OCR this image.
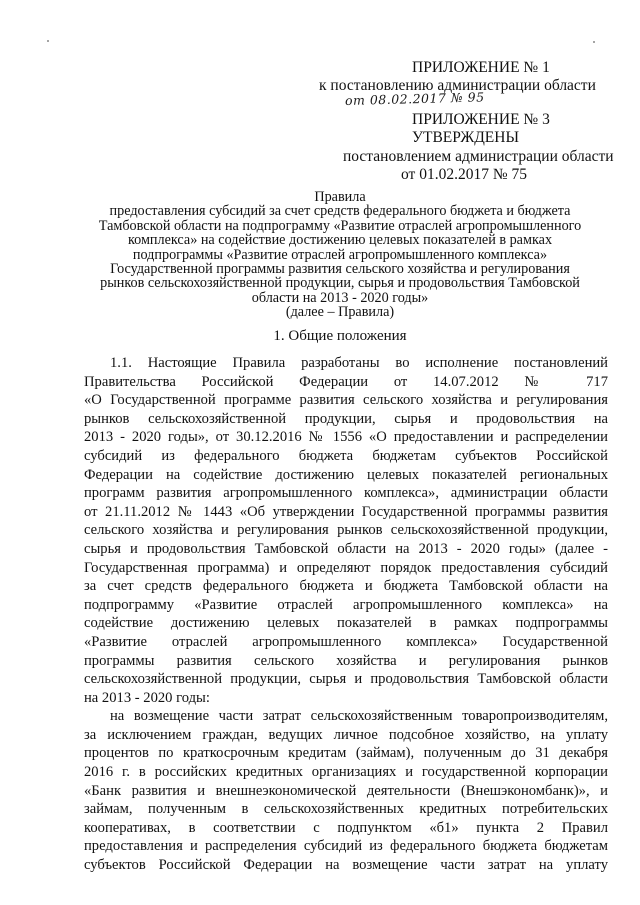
ПРИЛОЖЕНИЕ № 1
к постановлению администрации области
от 08.02.2017 № 95
ПРИЛОЖЕНИЕ № 3
УТВЕРЖДЕНЫ
постановлением администрации области
от 01.02.2017 № 75
Правила
предоставления субсидий за счет средств федерального бюджета и бюджета
Тамбовской области на подпрограмму «Развитие отраслей агропромышленного
комплекса» на содействие достижению целевых показателей в рамках
подпрограммы «Развитие отраслей агропромышленного комплекса»
Государственной программы развития сельского хозяйства и регулирования
рынков сельскохозяйственной продукции, сырья и продовольствия Тамбовской
области на 2013 - 2020 годы»
(далее – Правила)
1. Общие положения
1.1. Настоящие Правила разработаны во исполнение постановлений
Правительства Российской Федерации от 14.07.2012 № 717
«О Государственной программе развития сельского хозяйства и регулирования
рынков сельскохозяйственной продукции, сырья и продовольствия на
2013 - 2020 годы», от 30.12.2016 № 1556 «О предоставлении и распределении
субсидий из федерального бюджета бюджетам субъектов Российской
Федерации на содействие достижению целевых показателей региональных
программ развития агропромышленного комплекса», администрации области
от 21.11.2012 № 1443 «Об утверждении Государственной программы развития
сельского хозяйства и регулирования рынков сельскохозяйственной продукции,
сырья и продовольствия Тамбовской области на 2013 - 2020 годы» (далее -
Государственная программа) и определяют порядок предоставления субсидий
за счет средств федерального бюджета и бюджета Тамбовской области на
подпрограмму «Развитие отраслей агропромышленного комплекса» на
содействие достижению целевых показателей в рамках подпрограммы
«Развитие отраслей агропромышленного комплекса» Государственной
программы развития сельского хозяйства и регулирования рынков
сельскохозяйственной продукции, сырья и продовольствия Тамбовской области
на 2013 - 2020 годы:
на возмещение части затрат сельскохозяйственным товаропроизводителям,
за исключением граждан, ведущих личное подсобное хозяйство, на уплату
процентов по краткосрочным кредитам (займам), полученным до 31 декабря
2016 г. в российских кредитных организациях и государственной корпорации
«Банк развития и внешнеэкономической деятельности (Внешэкономбанк)», и
займам, полученным в сельскохозяйственных кредитных потребительских
кооперативах, в соответствии с подпунктом «б1» пункта 2 Правил
предоставления и распределения субсидий из федерального бюджета бюджетам
субъектов Российской Федерации на возмещение части затрат на уплату
